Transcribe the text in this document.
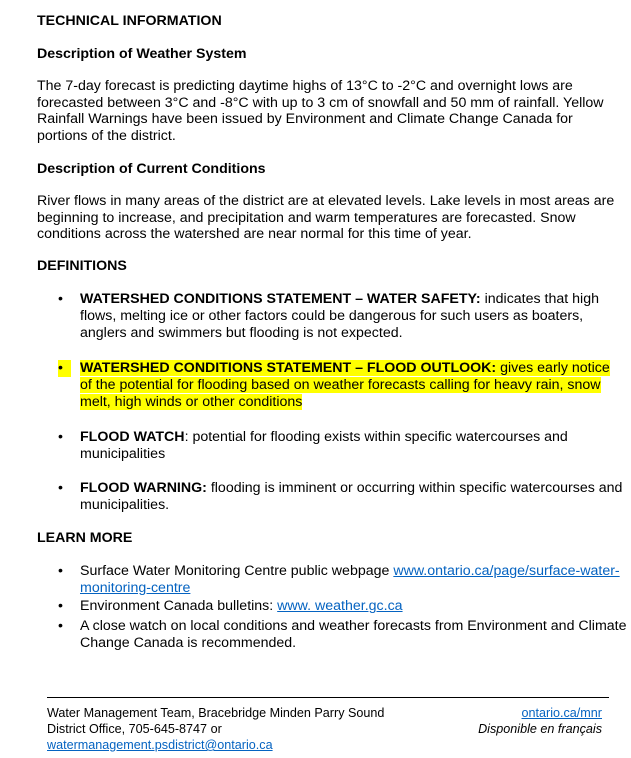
TECHNICAL INFORMATION
Description of Weather System
The 7-day forecast is predicting daytime highs of 13°C to -2°C and overnight lows are forecasted between 3°C and -8°C with up to 3 cm of snowfall and 50 mm of rainfall. Yellow Rainfall Warnings have been issued by Environment and Climate Change Canada for portions of the district.
Description of Current Conditions
River flows in many areas of the district are at elevated levels. Lake levels in most areas are beginning to increase, and precipitation and warm temperatures are forecasted. Snow conditions across the watershed are near normal for this time of year.
DEFINITIONS
• WATERSHED CONDITIONS STATEMENT – WATER SAFETY: indicates that high flows, melting ice or other factors could be dangerous for such users as boaters, anglers and swimmers but flooding is not expected.
•	WATERSHED CONDITIONS STATEMENT – FLOOD OUTLOOK: gives early notice of the potential for flooding based on weather forecasts calling for heavy rain, snow melt, high winds or other conditions
• FLOOD WATCH: potential for flooding exists within specific watercourses and municipalities
• FLOOD WARNING: flooding is imminent or occurring within specific watercourses and municipalities.
LEARN MORE
• Surface Water Monitoring Centre public webpage www.ontario.ca/page/surface-water-monitoring-centre
• Environment Canada bulletins: www. weather.gc.ca
• A close watch on local conditions and weather forecasts from Environment and Climate Change Canada is recommended.
Water Management Team, Bracebridge Minden Parry Sound
District Office, 705-645-8747 or
watermanagement.psdistrict@ontario.ca
ontario.ca/mnr
Disponible en français
